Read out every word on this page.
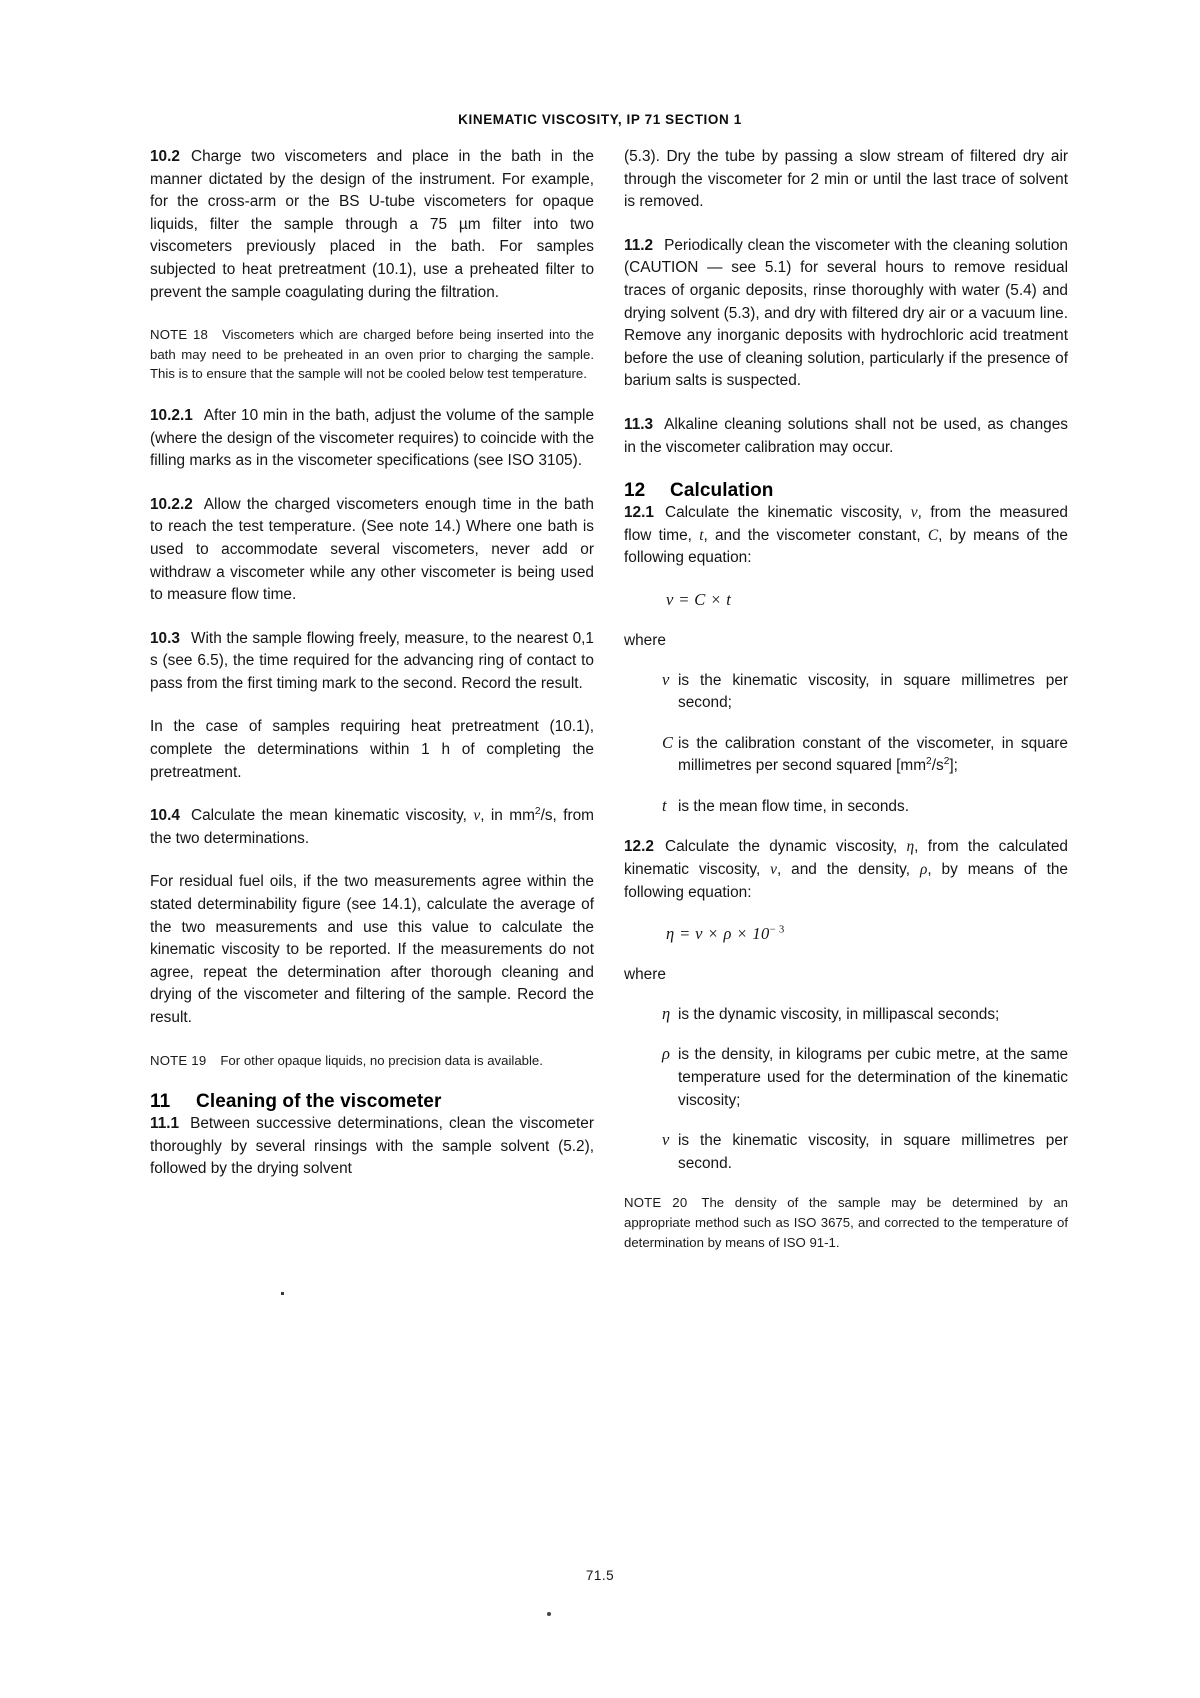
KINEMATIC VISCOSITY, IP 71 SECTION 1

10.2 Charge two viscometers and place in the bath in the manner dictated by the design of the instrument. For example, for the cross-arm or the BS U-tube viscometers for opaque liquids, filter the sample through a 75 µm filter into two viscometers previously placed in the bath. For samples subjected to heat pretreatment (10.1), use a preheated filter to prevent the sample coagulating during the filtration.

NOTE 18 Viscometers which are charged before being inserted into the bath may need to be preheated in an oven prior to charging the sample. This is to ensure that the sample will not be cooled below test temperature.

10.2.1 After 10 min in the bath, adjust the volume of the sample (where the design of the viscometer requires) to coincide with the filling marks as in the viscometer specifications (see ISO 3105).

10.2.2 Allow the charged viscometers enough time in the bath to reach the test temperature. (See note 14.) Where one bath is used to accommodate several viscometers, never add or withdraw a viscometer while any other viscometer is being used to measure flow time.

10.3 With the sample flowing freely, measure, to the nearest 0,1 s (see 6.5), the time required for the advancing ring of contact to pass from the first timing mark to the second. Record the result.

In the case of samples requiring heat pretreatment (10.1), complete the determinations within 1 h of completing the pretreatment.

10.4 Calculate the mean kinematic viscosity, ν, in $mm^2/s$, from the two determinations.

For residual fuel oils, if the two measurements agree within the stated determinability figure (see 14.1), calculate the average of the two measurements and use this value to calculate the kinematic viscosity to be reported. If the measurements do not agree, repeat the determination after thorough cleaning and drying of the viscometer and filtering of the sample. Record the result.

NOTE 19 For other opaque liquids, no precision data is available.

11 Cleaning of the viscometer

11.1 Between successive determinations, clean the viscometer thoroughly by several rinsings with the sample solvent (5.2), followed by the drying solvent

(5.3). Dry the tube by passing a slow stream of filtered dry air through the viscometer for 2 min or until the last trace of solvent is removed.

11.2 Periodically clean the viscometer with the cleaning solution (CAUTION — see 5.1) for several hours to remove residual traces of organic deposits, rinse thoroughly with water (5.4) and drying solvent (5.3), and dry with filtered dry air or a vacuum line. Remove any inorganic deposits with hydrochloric acid treatment before the use of cleaning solution, particularly if the presence of barium salts is suspected.

11.3 Alkaline cleaning solutions shall not be used, as changes in the viscometer calibration may occur.

12 Calculation

12.1 Calculate the kinematic viscosity, ν, from the measured flow time, t, and the viscometer constant, C, by means of the following equation:

ν = C × t
where
ν is the kinematic viscosity, in square millimetres per second;
C is the calibration constant of the viscometer, in square millimetres per second squared $[mm^2/s^2]$;
t is the mean flow time, in seconds.

12.2 Calculate the dynamic viscosity, η, from the calculated kinematic viscosity, ν, and the density, ρ, by means of the following equation:

$\eta = \nu \times \rho \times 10^{- 3}$
where
η is the dynamic viscosity, in millipascal seconds;
ρ is the density, in kilograms per cubic metre, at the same temperature used for the determination of the kinematic viscosity;
ν is the kinematic viscosity, in square millimetres per second.

NOTE 20 The density of the sample may be determined by an appropriate method such as ISO 3675, and corrected to the temperature of determination by means of ISO 91-1.

71.5
